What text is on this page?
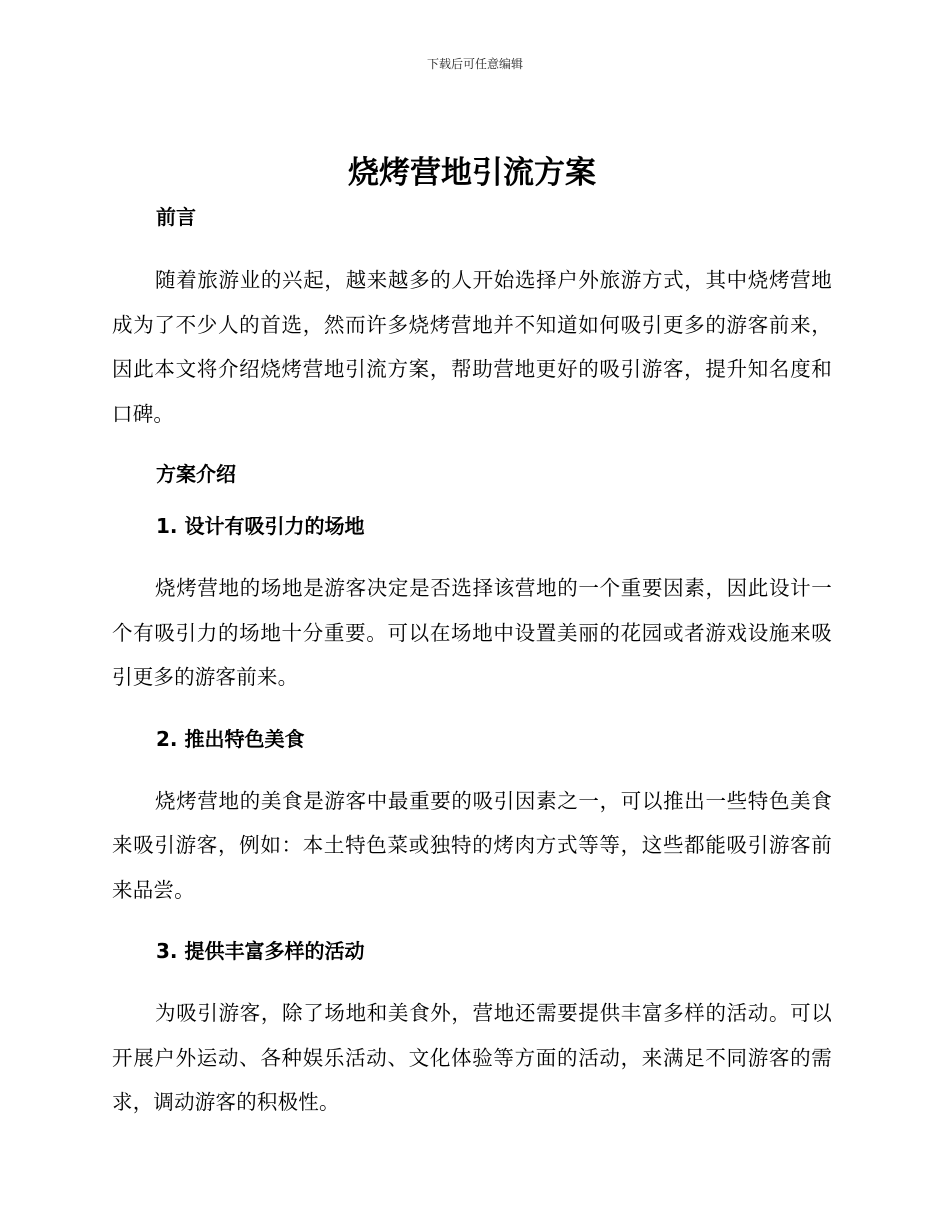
下载后可任意编辑
烧烤营地引流方案
前言

随着旅游业的兴起，越来越多的人开始选择户外旅游方式，其中烧烤营地成为了不少人的首选，然而许多烧烤营地并不知道如何吸引更多的游客前来，因此本文将介绍烧烤营地引流方案，帮助营地更好的吸引游客，提升知名度和口碑。

方案介绍
1. 设计有吸引力的场地

烧烤营地的场地是游客决定是否选择该营地的一个重要因素，因此设计一个有吸引力的场地十分重要。可以在场地中设置美丽的花园或者游戏设施来吸引更多的游客前来。

2. 推出特色美食

烧烤营地的美食是游客中最重要的吸引因素之一，可以推出一些特色美食来吸引游客，例如：本土特色菜或独特的烤肉方式等等，这些都能吸引游客前来品尝。

3. 提供丰富多样的活动

为吸引游客，除了场地和美食外，营地还需要提供丰富多样的活动。可以开展户外运动、各种娱乐活动、文化体验等方面的活动，来满足不同游客的需求，调动游客的积极性。
